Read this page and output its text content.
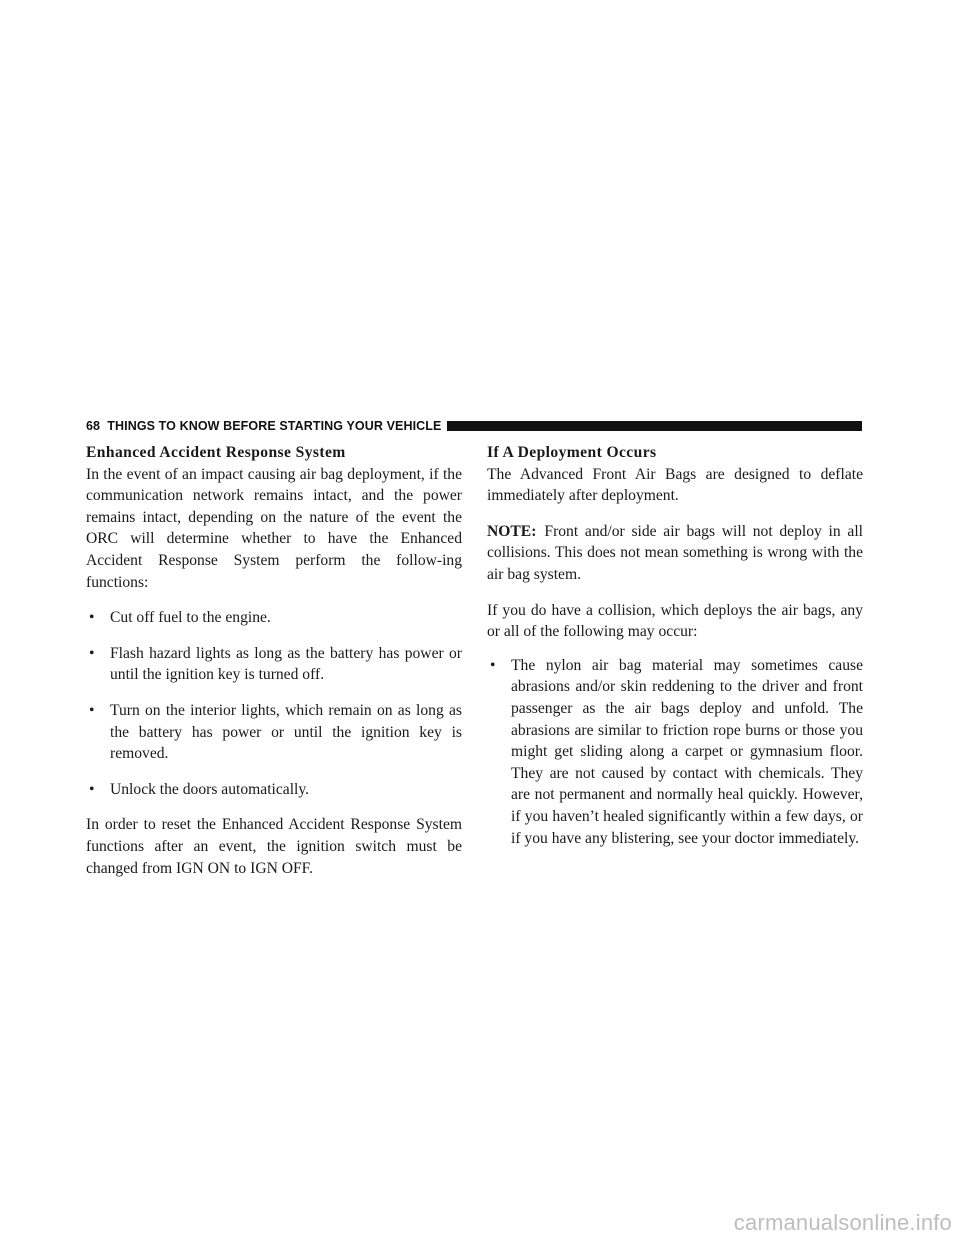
68 THINGS TO KNOW BEFORE STARTING YOUR VEHICLE

Enhanced Accident Response System

In the event of an impact causing air bag deployment, if the communication network remains intact, and the power remains intact, depending on the nature of the event the ORC will determine whether to have the Enhanced Accident Response System perform the follow-ing functions:

• Cut off fuel to the engine.
• Flash hazard lights as long as the battery has power or until the ignition key is turned off.
• Turn on the interior lights, which remain on as long as the battery has power or until the ignition key is removed.
• Unlock the doors automatically.

In order to reset the Enhanced Accident Response System functions after an event, the ignition switch must be changed from IGN ON to IGN OFF.

If A Deployment Occurs

The Advanced Front Air Bags are designed to deflate immediately after deployment.

NOTE: Front and/or side air bags will not deploy in all collisions. This does not mean something is wrong with the air bag system.

If you do have a collision, which deploys the air bags, any or all of the following may occur:

• The nylon air bag material may sometimes cause abrasions and/or skin reddening to the driver and front passenger as the air bags deploy and unfold. The abrasions are similar to friction rope burns or those you might get sliding along a carpet or gymnasium floor. They are not caused by contact with chemicals. They are not permanent and normally heal quickly. However, if you haven’t healed significantly within a few days, or if you have any blistering, see your doctor immediately.
carmanualsonline.info
